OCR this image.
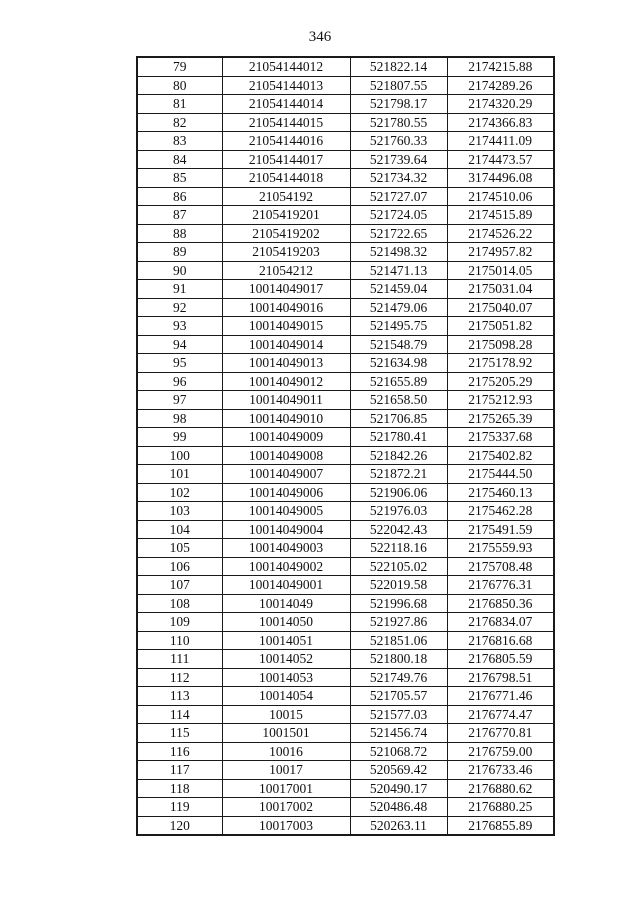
346
79	21054144012	521822.14	2174215.88
80	21054144013	521807.55	2174289.26
81	21054144014	521798.17	2174320.29
82	21054144015	521780.55	2174366.83
83	21054144016	521760.33	2174411.09
84	21054144017	521739.64	2174473.57
85	21054144018	521734.32	3174496.08
86	21054192	521727.07	2174510.06
87	2105419201	521724.05	2174515.89
88	2105419202	521722.65	2174526.22
89	2105419203	521498.32	2174957.82
90	21054212	521471.13	2175014.05
91	10014049017	521459.04	2175031.04
92	10014049016	521479.06	2175040.07
93	10014049015	521495.75	2175051.82
94	10014049014	521548.79	2175098.28
95	10014049013	521634.98	2175178.92
96	10014049012	521655.89	2175205.29
97	10014049011	521658.50	2175212.93
98	10014049010	521706.85	2175265.39
99	10014049009	521780.41	2175337.68
100	10014049008	521842.26	2175402.82
101	10014049007	521872.21	2175444.50
102	10014049006	521906.06	2175460.13
103	10014049005	521976.03	2175462.28
104	10014049004	522042.43	2175491.59
105	10014049003	522118.16	2175559.93
106	10014049002	522105.02	2175708.48
107	10014049001	522019.58	2176776.31
108	10014049	521996.68	2176850.36
109	10014050	521927.86	2176834.07
110	10014051	521851.06	2176816.68
111	10014052	521800.18	2176805.59
112	10014053	521749.76	2176798.51
113	10014054	521705.57	2176771.46
114	10015	521577.03	2176774.47
115	1001501	521456.74	2176770.81
116	10016	521068.72	2176759.00
117	10017	520569.42	2176733.46
118	10017001	520490.17	2176880.62
119	10017002	520486.48	2176880.25
120	10017003	520263.11	2176855.89
